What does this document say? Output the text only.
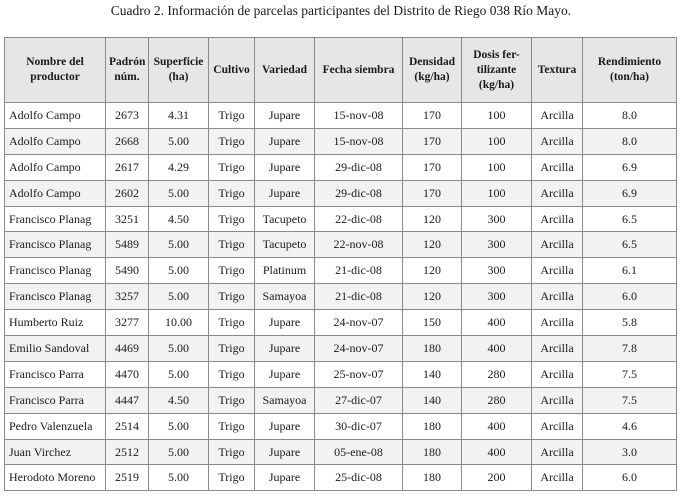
Cuadro 2. Información de parcelas participantes del Distrito de Riego 038 Río Mayo.
Nombre del productor	Padrón núm.	Superficie (ha)	Cultivo	Variedad	Fecha siembra	Densidad (kg/ha)	Dosis fer- tilizante (kg/ha)	Textura	Rendimiento (ton/ha)
Adolfo Campo	2673	4.31	Trigo	Jupare	15-nov-08	170	100	Arcilla	8.0
Adolfo Campo	2668	5.00	Trigo	Jupare	15-nov-08	170	100	Arcilla	8.0
Adolfo Campo	2617	4.29	Trigo	Jupare	29-dic-08	170	100	Arcilla	6.9
Adolfo Campo	2602	5.00	Trigo	Jupare	29-dic-08	170	100	Arcilla	6.9
Francisco Planag	3251	4.50	Trigo	Tacupeto	22-dic-08	120	300	Arcilla	6.5
Francisco Planag	5489	5.00	Trigo	Tacupeto	22-nov-08	120	300	Arcilla	6.5
Francisco Planag	5490	5.00	Trigo	Platinum	21-dic-08	120	300	Arcilla	6.1
Francisco Planag	3257	5.00	Trigo	Samayoa	21-dic-08	120	300	Arcilla	6.0
Humberto Ruiz	3277	10.00	Trigo	Jupare	24-nov-07	150	400	Arcilla	5.8
Emilio Sandoval	4469	5.00	Trigo	Jupare	24-nov-07	180	400	Arcilla	7.8
Francisco Parra	4470	5.00	Trigo	Jupare	25-nov-07	140	280	Arcilla	7.5
Francisco Parra	4447	4.50	Trigo	Samayoa	27-dic-07	140	280	Arcilla	7.5
Pedro Valenzuela	2514	5.00	Trigo	Jupare	30-dic-07	180	400	Arcilla	4.6
Juan Virchez	2512	5.00	Trigo	Jupare	05-ene-08	180	400	Arcilla	3.0
Herodoto Moreno	2519	5.00	Trigo	Jupare	25-dic-08	180	200	Arcilla	6.0
